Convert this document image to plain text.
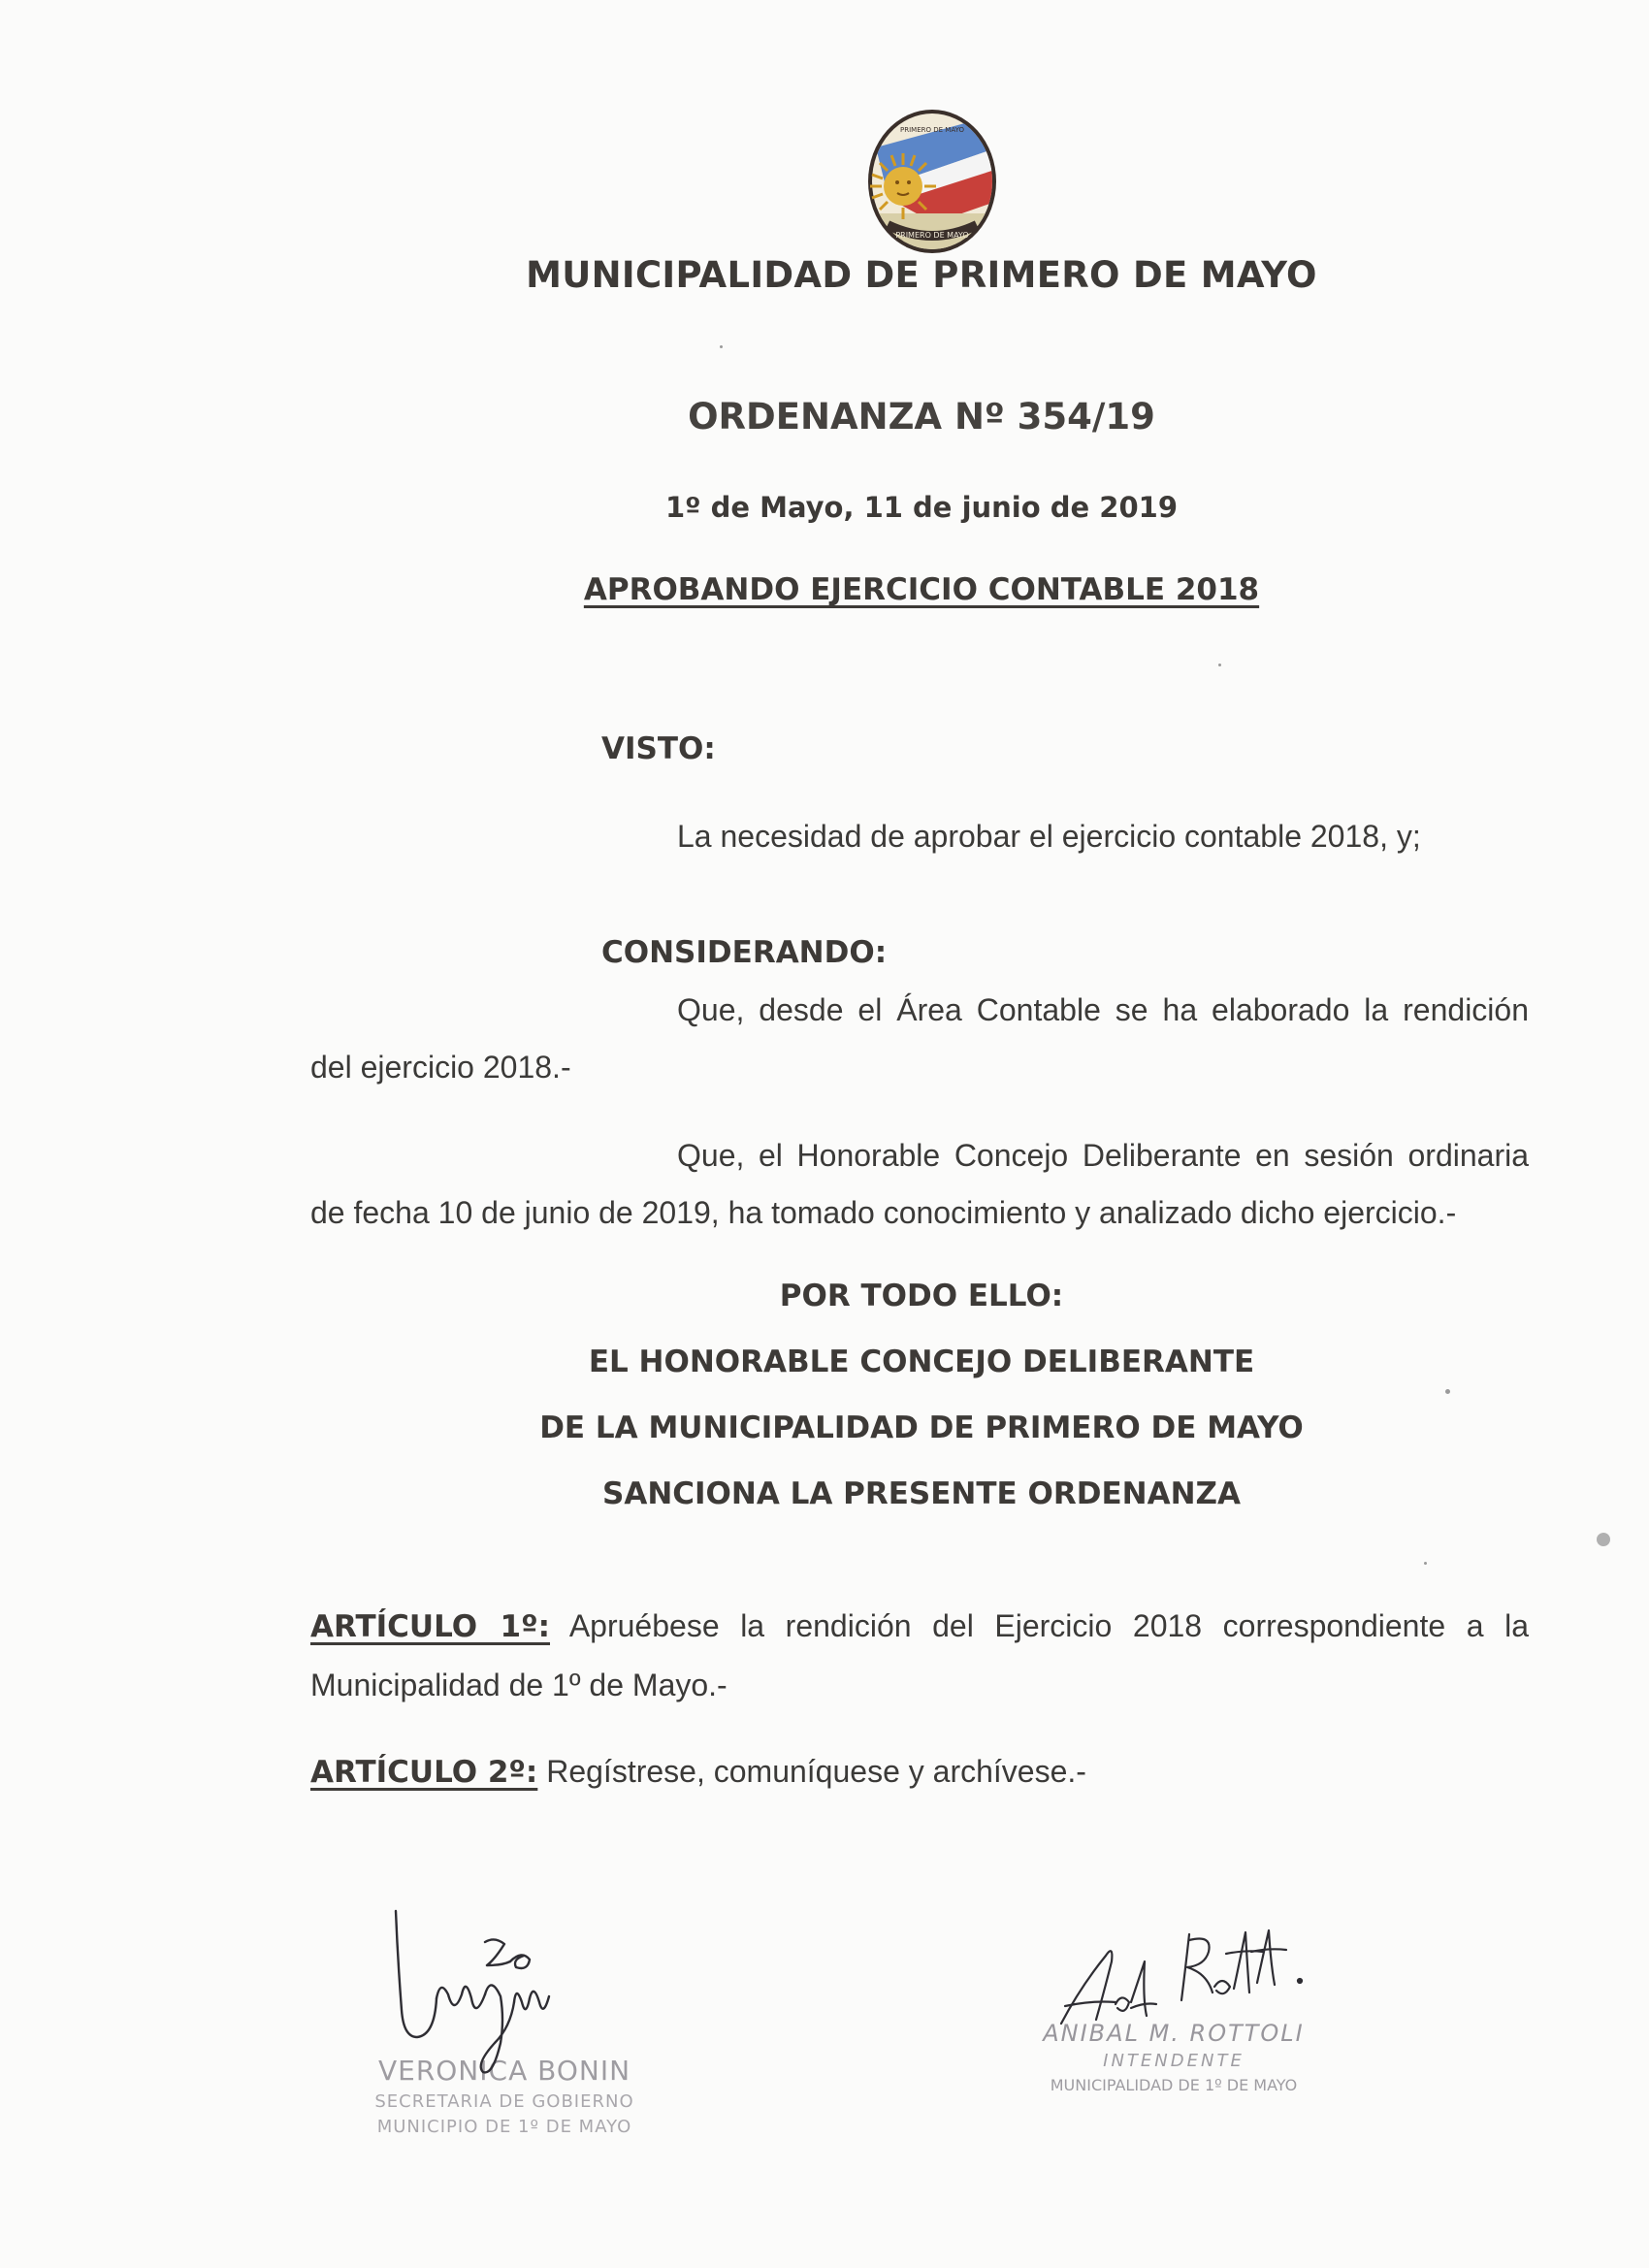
PRIMERO DE MAYO
PRIMERO DE MAYO
MUNICIPALIDAD DE PRIMERO DE MAYO
ORDENANZA Nº 354/19
1º de Mayo, 11 de junio de 2019
APROBANDO EJERCICIO CONTABLE 2018
VISTO:
La necesidad de aprobar el ejercicio contable 2018, y;
CONSIDERANDO:
Que, desde el Área Contable se ha elaborado la rendición
del ejercicio 2018.-
Que, el Honorable Concejo Deliberante en sesión ordinaria
de fecha 10 de junio de 2019, ha tomado conocimiento y analizado dicho ejercicio.-
POR TODO ELLO:
EL HONORABLE CONCEJO DELIBERANTE
DE LA MUNICIPALIDAD DE PRIMERO DE MAYO
SANCIONA LA PRESENTE ORDENANZA
ARTÍCULO 1º: Apruébese la rendición del Ejercicio 2018 correspondiente a la
Municipalidad de 1º de Mayo.-
ARTÍCULO 2º: Regístrese, comuníquese y archívese.-
VERONICA BONIN
SECRETARIA DE GOBIERNO
MUNICIPIO DE 1º DE MAYO
ANIBAL M. ROTTOLI
INTENDENTE
MUNICIPALIDAD DE 1º DE MAYO
